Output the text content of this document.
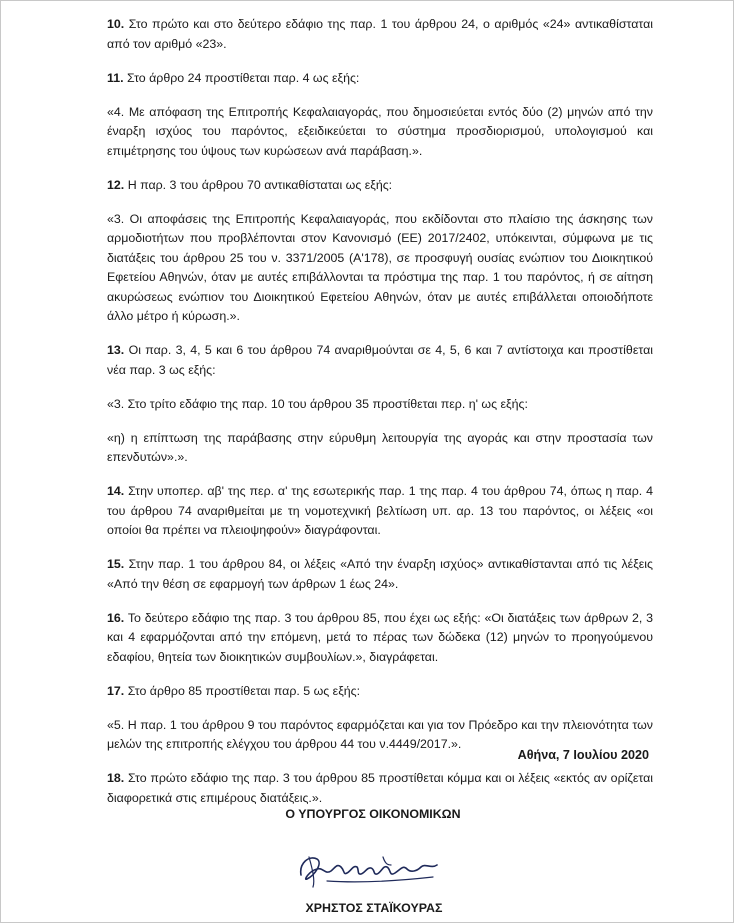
10. Στο πρώτο και στο δεύτερο εδάφιο της παρ. 1 του άρθρου 24, ο αριθμός «24» αντικαθίσταται από τον αριθμό «23».

11. Στο άρθρο 24 προστίθεται παρ. 4 ως εξής:

«4. Με απόφαση της Επιτροπής Κεφαλαιαγοράς, που δημοσιεύεται εντός δύο (2) μηνών από την έναρξη ισχύος του παρόντος, εξειδικεύεται το σύστημα προσδιορισμού, υπολογισμού και επιμέτρησης του ύψους των κυρώσεων ανά παράβαση.».

12. Η παρ. 3 του άρθρου 70 αντικαθίσταται ως εξής:

«3. Οι αποφάσεις της Επιτροπής Κεφαλαιαγοράς, που εκδίδονται στο πλαίσιο της άσκησης των αρμοδιοτήτων που προβλέπονται στον Κανονισμό (ΕΕ) 2017/2402, υπόκεινται, σύμφωνα με τις διατάξεις του άρθρου 25 του ν. 3371/2005 (Α'178), σε προσφυγή ουσίας ενώπιον του Διοικητικού Εφετείου Αθηνών, όταν με αυτές επιβάλλονται τα πρόστιμα της παρ. 1 του παρόντος, ή σε αίτηση ακυρώσεως ενώπιον του Διοικητικού Εφετείου Αθηνών, όταν με αυτές επιβάλλεται οποιοδήποτε άλλο μέτρο ή κύρωση.».

13. Οι παρ. 3, 4, 5 και 6 του άρθρου 74 αναριθμούνται σε 4, 5, 6 και 7 αντίστοιχα και προστίθεται νέα παρ. 3 ως εξής:

«3. Στο τρίτο εδάφιο της παρ. 10 του άρθρου 35 προστίθεται περ. η' ως εξής:

«η) η επίπτωση της παράβασης στην εύρυθμη λειτουργία της αγοράς και στην προστασία των επενδυτών».».

14. Στην υποπερ. αβ' της περ. α' της εσωτερικής παρ. 1 της παρ. 4 του άρθρου 74, όπως η παρ. 4 του άρθρου 74 αναριθμείται με τη νομοτεχνική βελτίωση υπ. αρ. 13 του παρόντος, οι λέξεις «οι οποίοι θα πρέπει να πλειοψηφούν» διαγράφονται.

15. Στην παρ. 1 του άρθρου 84, οι λέξεις «Από την έναρξη ισχύος» αντικαθίστανται από τις λέξεις «Από την θέση σε εφαρμογή των άρθρων 1 έως 24».

16. Το δεύτερο εδάφιο της παρ. 3 του άρθρου 85, που έχει ως εξής: «Οι διατάξεις των άρθρων 2, 3 και 4 εφαρμόζονται από την επόμενη, μετά το πέρας των δώδεκα (12) μηνών το προηγούμενου εδαφίου, θητεία των διοικητικών συμβουλίων.», διαγράφεται.

17. Στο άρθρο 85 προστίθεται παρ. 5 ως εξής:

«5. Η παρ. 1 του άρθρου 9 του παρόντος εφαρμόζεται και για τον Πρόεδρο και την πλειονότητα των μελών της επιτροπής ελέγχου του άρθρου 44 του ν.4449/2017.».

18. Στο πρώτο εδάφιο της παρ. 3 του άρθρου 85 προστίθεται κόμμα και οι λέξεις «εκτός αν ορίζεται διαφορετικά στις επιμέρους διατάξεις.».

Αθήνα, 7 Ιουλίου 2020
Ο ΥΠΟΥΡΓΟΣ ΟΙΚΟΝΟΜΙΚΩΝ
ΧΡΗΣΤΟΣ ΣΤΑΪΚΟΥΡΑΣ
